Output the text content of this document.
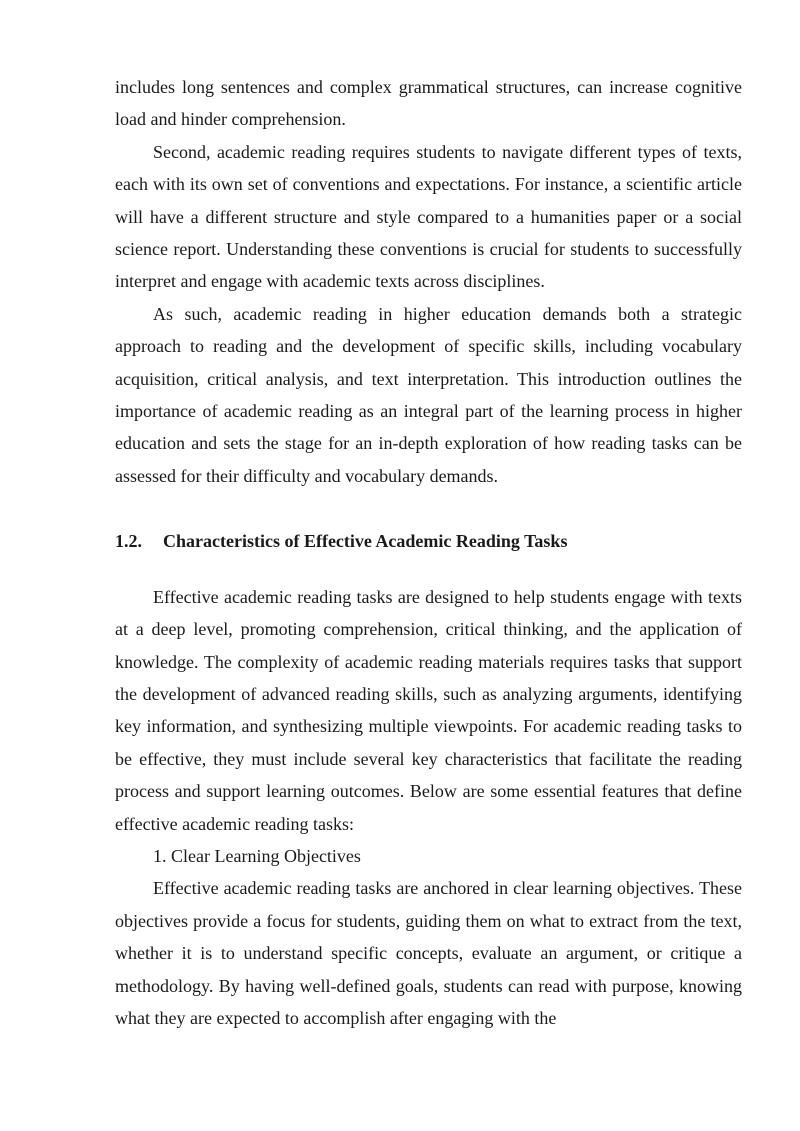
includes long sentences and complex grammatical structures, can increase cognitive load and hinder comprehension.

Second, academic reading requires students to navigate different types of texts, each with its own set of conventions and expectations. For instance, a scientific article will have a different structure and style compared to a humanities paper or a social science report. Understanding these conventions is crucial for students to successfully interpret and engage with academic texts across disciplines.

As such, academic reading in higher education demands both a strategic approach to reading and the development of specific skills, including vocabulary acquisition, critical analysis, and text interpretation. This introduction outlines the importance of academic reading as an integral part of the learning process in higher education and sets the stage for an in-depth exploration of how reading tasks can be assessed for their difficulty and vocabulary demands.

1.2.	Characteristics of Effective Academic Reading Tasks

Effective academic reading tasks are designed to help students engage with texts at a deep level, promoting comprehension, critical thinking, and the application of knowledge. The complexity of academic reading materials requires tasks that support the development of advanced reading skills, such as analyzing arguments, identifying key information, and synthesizing multiple viewpoints. For academic reading tasks to be effective, they must include several key characteristics that facilitate the reading process and support learning outcomes. Below are some essential features that define effective academic reading tasks:

1. Clear Learning Objectives

Effective academic reading tasks are anchored in clear learning objectives. These objectives provide a focus for students, guiding them on what to extract from the text, whether it is to understand specific concepts, evaluate an argument, or critique a methodology. By having well-defined goals, students can read with purpose, knowing what they are expected to accomplish after engaging with the
